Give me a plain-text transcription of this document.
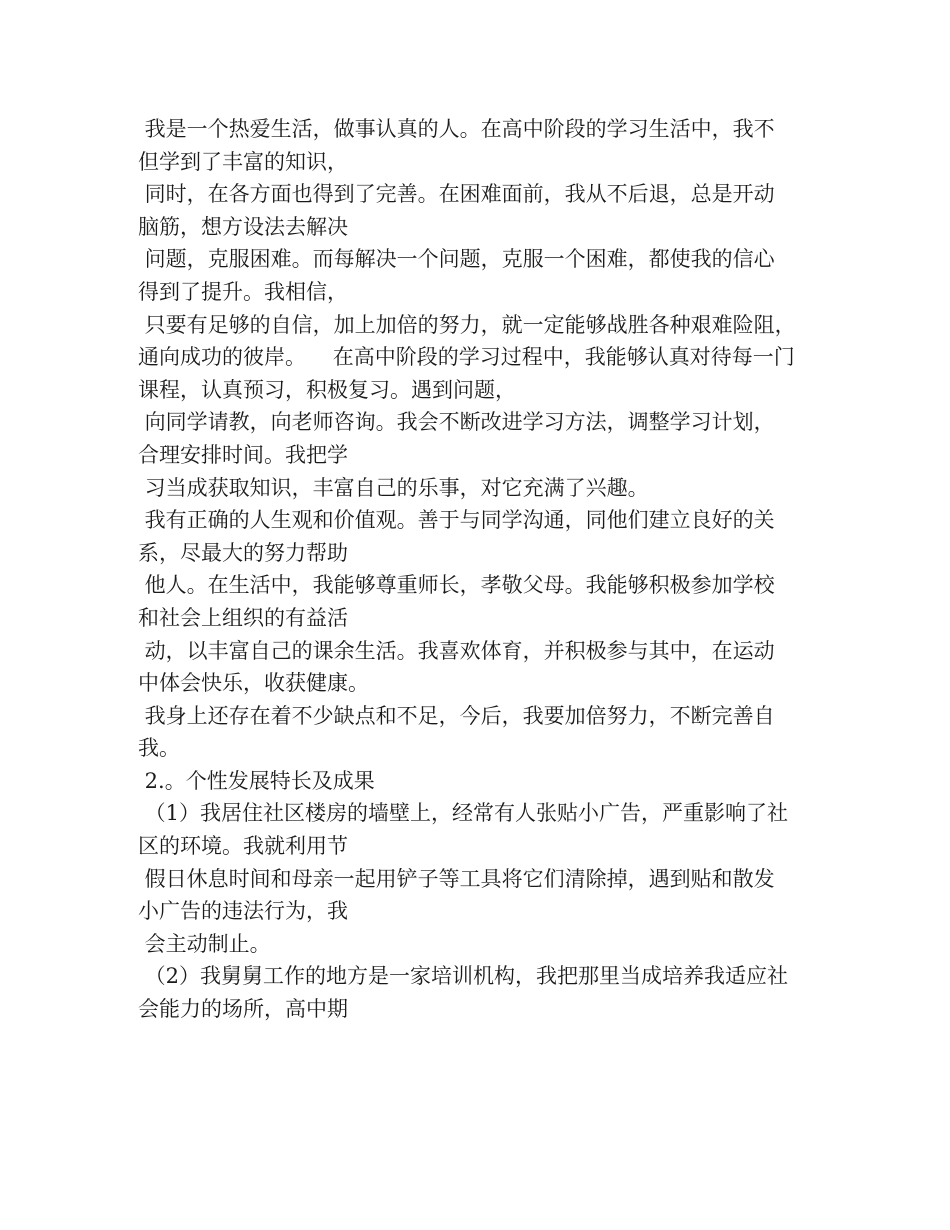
我是一个热爱生活，做事认真的人。在高中阶段的学习生活中，我不
但学到了丰富的知识，
同时，在各方面也得到了完善。在困难面前，我从不后退，总是开动
脑筋，想方设法去解决
问题，克服困难。而每解决一个问题，克服一个困难，都使我的信心
得到了提升。我相信，
只要有足够的自信，加上加倍的努力，就一定能够战胜各种艰难险阻，
通向成功的彼岸。    在高中阶段的学习过程中，我能够认真对待每一门
课程，认真预习，积极复习。遇到问题，
向同学请教，向老师咨询。我会不断改进学习方法，调整学习计划，
合理安排时间。我把学
习当成获取知识，丰富自己的乐事，对它充满了兴趣。
我有正确的人生观和价值观。善于与同学沟通，同他们建立良好的关
系，尽最大的努力帮助
他人。在生活中，我能够尊重师长，孝敬父母。我能够积极参加学校
和社会上组织的有益活
动，以丰富自己的课余生活。我喜欢体育，并积极参与其中，在运动
中体会快乐，收获健康。
我身上还存在着不少缺点和不足，今后，我要加倍努力，不断完善自
我。
2.。个性发展特长及成果
（1）我居住社区楼房的墙壁上，经常有人张贴小广告，严重影响了社
区的环境。我就利用节
假日休息时间和母亲一起用铲子等工具将它们清除掉，遇到贴和散发
小广告的违法行为，我
会主动制止。
（2）我舅舅工作的地方是一家培训机构，我把那里当成培养我适应社
会能力的场所，高中期
